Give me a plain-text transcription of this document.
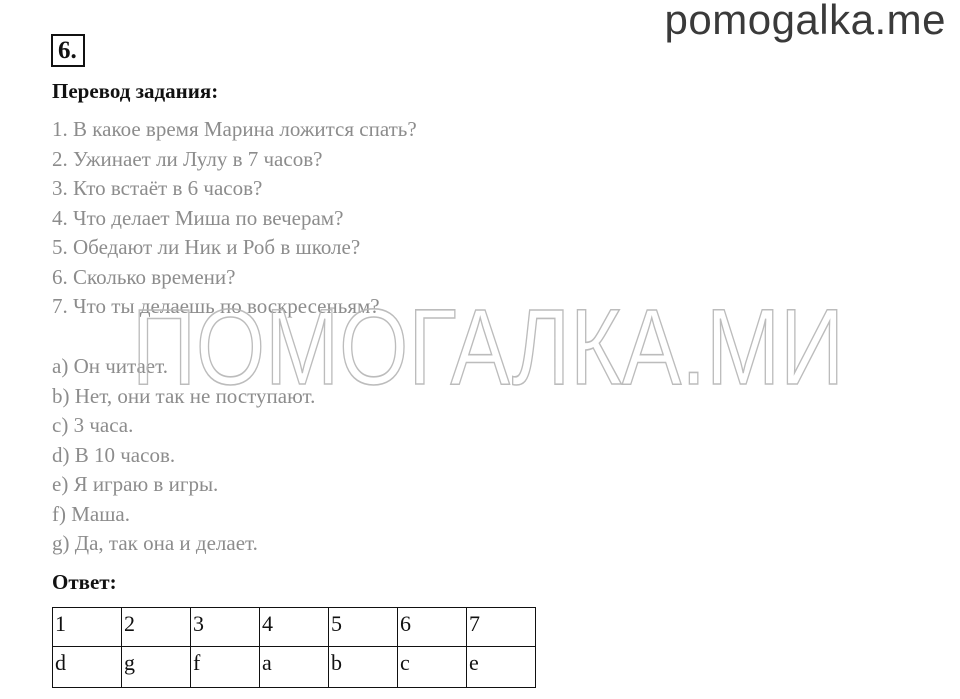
pomogalka.me
6.
Перевод задания:
1. В какое время Марина ложится спать?
2. Ужинает ли Лулу в 7 часов?
3. Кто встаёт в 6 часов?
4. Что делает Миша по вечерам?
5. Обедают ли Ник и Роб в школе?
6. Сколько времени?
7. Что ты делаешь по воскресеньям?
a) Он читает.
b) Нет, они так не поступают.
c) 3 часа.
d) В 10 часов.
e) Я играю в игры.
f) Маша.
g) Да, так она и делает.
ПОМОГАЛКА.МИ
Ответ:
1	2	3	4	5	6	7
d	g	f	a	b	c	e
